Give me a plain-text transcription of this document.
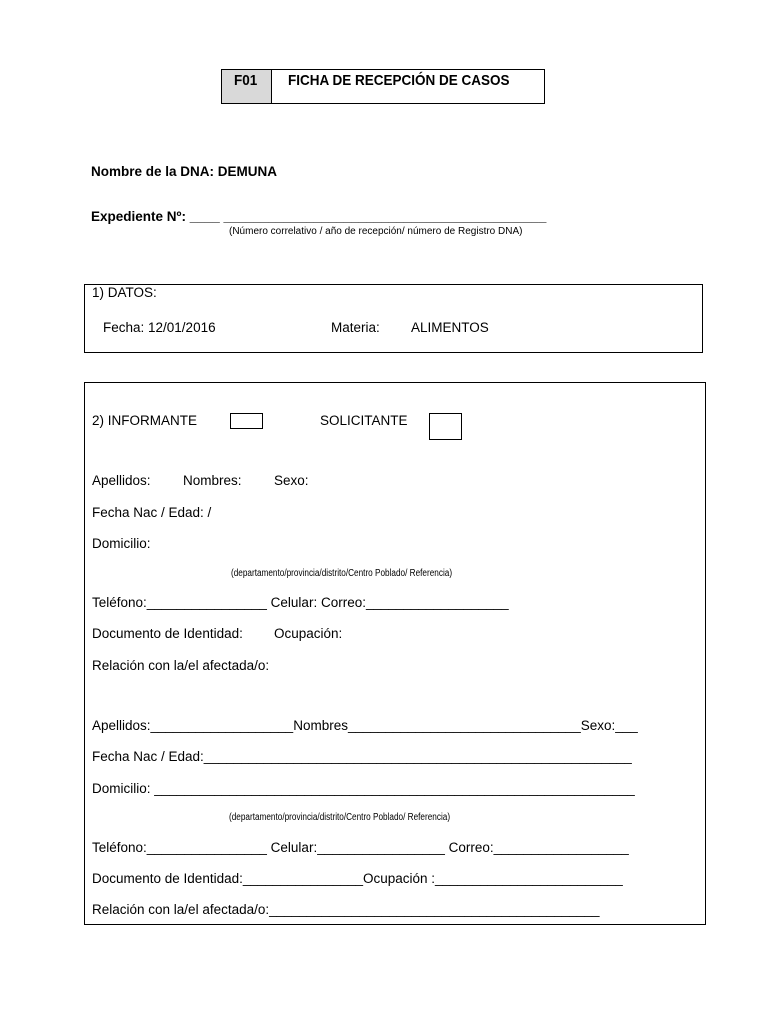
F01 FICHA DE RECEPCIÓN DE CASOS
Nombre de la DNA: DEMUNA
Expediente Nº: ____ ___________________________________________
(Número correlativo / año de recepción/ número de Registro DNA)
1) DATOS:
Fecha: 12/01/2016	Materia: ALIMENTOS
2) INFORMANTE	SOLICITANTE
Apellidos: Nombres: Sexo:
Fecha Nac / Edad: /
Domicilio:
(departamento/provincia/distrito/Centro Poblado/ Referencia)
Teléfono:________________ Celular: Correo:___________________
Documento de Identidad: Ocupación:
Relación con la/el afectada/o:
Apellidos:___________________Nombres_______________________________Sexo:___
Fecha Nac / Edad:_________________________________________________________
Domicilio: ________________________________________________________________
(departamento/provincia/distrito/Centro Poblado/ Referencia)
Teléfono:________________ Celular:_________________ Correo:__________________
Documento de Identidad:________________Ocupación :_________________________
Relación con la/el afectada/o:____________________________________________
